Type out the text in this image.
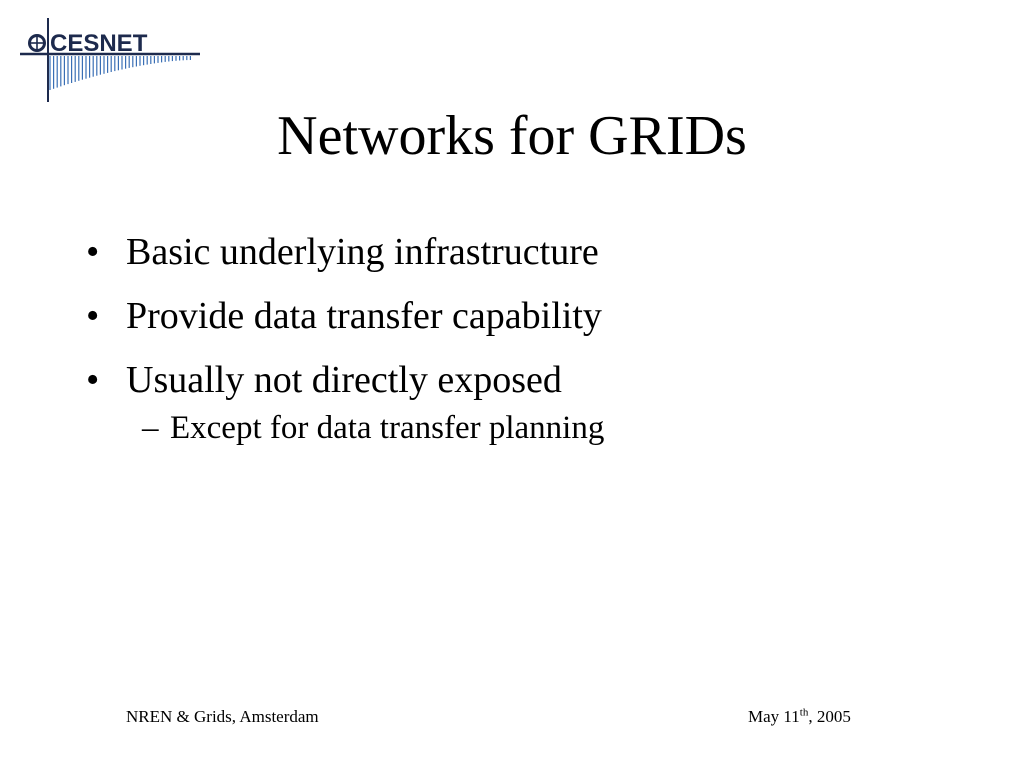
CESNET
Networks for GRIDs
• Basic underlying infrastructure
• Provide data transfer capability
• Usually not directly exposed
– Except for data transfer planning
NREN & Grids, Amsterdam	May 11th, 2005
